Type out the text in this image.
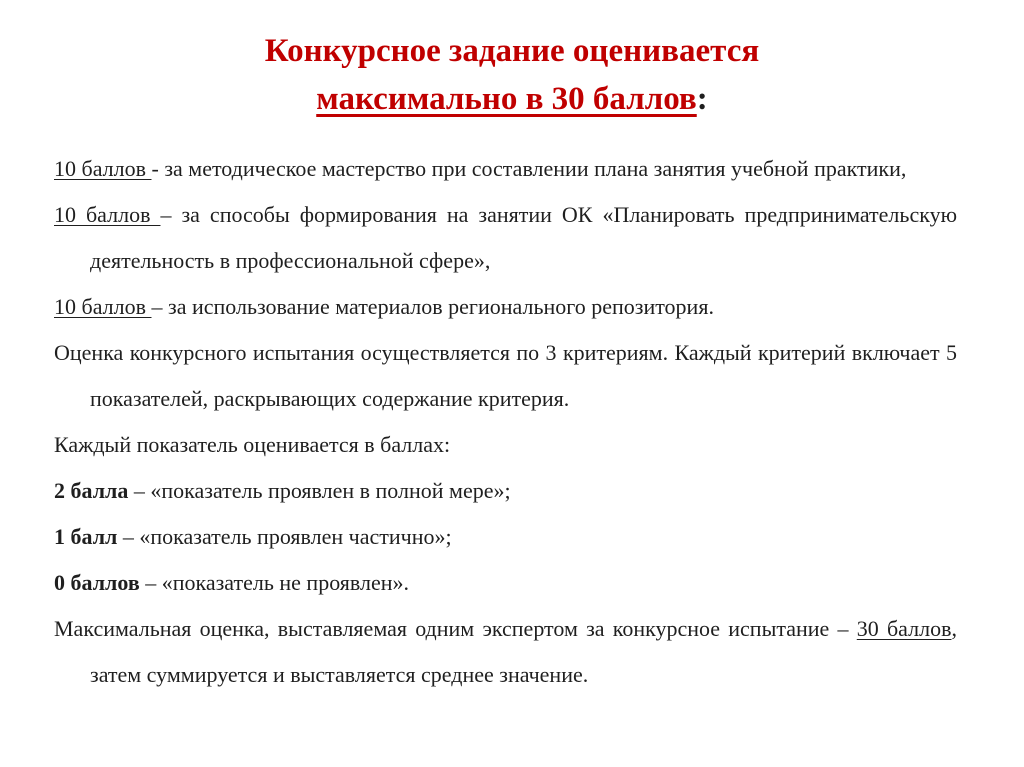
Конкурсное задание оценивается
максимально в 30 баллов:

10 баллов - за методическое мастерство при составлении плана занятия учебной практики,

10 баллов – за способы формирования на занятии ОК «Планировать предпринимательскую деятельность в профессиональной сфере»,

10 баллов – за использование материалов регионального репозитория.

Оценка конкурсного испытания осуществляется по 3 критериям. Каждый критерий включает 5 показателей, раскрывающих содержание критерия.

Каждый показатель оценивается в баллах:

2 балла – «показатель проявлен в полной мере»;

1 балл – «показатель проявлен частично»;

0 баллов – «показатель не проявлен».

Максимальная оценка, выставляемая одним экспертом за конкурсное испытание – 30 баллов, затем суммируется и выставляется среднее значение.
